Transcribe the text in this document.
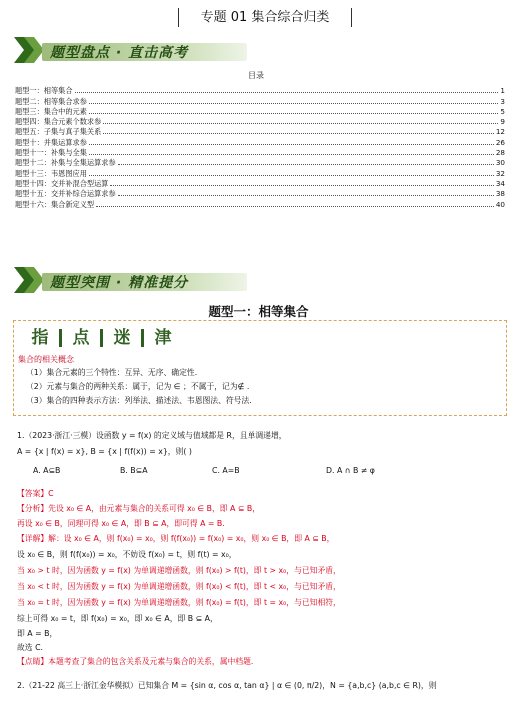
专题 01 集合综合归类
题型盘点 · 直击高考
目录
题型一：相等集合	1
题型二：相等集合求参	3
题型三：集合中的元素	5
题型四：集合元素个数求参	9
题型五：子集与真子集关系	12
题型十：并集运算求参	26
题型十一：补集与全集	28
题型十二：补集与全集运算求参	30
题型十三：韦恩图应用	32
题型十四：交并补混合型运算	34
题型十五：交并补综合运算求参	38
题型十六：集合新定义型	40
题型突围 · 精准提分
题型一：相等集合
指 点 迷 津
集合的相关概念
（1）集合元素的三个特性：互异、无序、确定性.
（2）元素与集合的两种关系：属于，记为 ∈ ；不属于，记为∉ .
（3）集合的四种表示方法：列举法、描述法、韦恩图法、符号法.
1.（2023·浙江·三模）设函数 y = f(x) 的定义域与值域都是 R，且单调递增，
A = {x | f(x) = x}, B = {x | f(f(x)) = x}，则( )
A. A⊆B	B. B⊆A	C. A=B	D. A ∩ B ≠ φ
【答案】C
【分析】先设 x₀ ∈ A，由元素与集合的关系可得 x₀ ∈ B，即 A ⊆ B，
再设 x₀ ∈ B，同理可得 x₀ ∈ A，即 B ⊆ A，即可得 A = B.
【详解】解：设 x₀ ∈ A，则 f(x₀) = x₀，则 f(f(x₀)) = f(x₀) = x₀，则 x₀ ∈ B，即 A ⊆ B，
设 x₀ ∈ B，则 f(f(x₀)) = x₀，不妨设 f(x₀) = t，则 f(t) = x₀，
当 x₀ > t 时，因为函数 y = f(x) 为单调递增函数，则 f(x₀) > f(t)，即 t > x₀，与已知矛盾，
当 x₀ < t 时，因为函数 y = f(x) 为单调递增函数，则 f(x₀) < f(t)，即 t < x₀，与已知矛盾，
当 x₀ = t 时，因为函数 y = f(x) 为单调递增函数，则 f(x₀) = f(t)，即 t = x₀，与已知相符，
综上可得 x₀ = t，即 f(x₀) = x₀，即 x₀ ∈ A，即 B ⊆ A，
即 A = B，
故选 C.
【点睛】本题考查了集合的包含关系及元素与集合的关系，属中档题.
2.（21-22 高三上·浙江金华模拟）已知集合 M = {sin α, cos α, tan α} | α ∈ (0, π/2)，N = {a,b,c} (a,b,c ∈ R)，则
